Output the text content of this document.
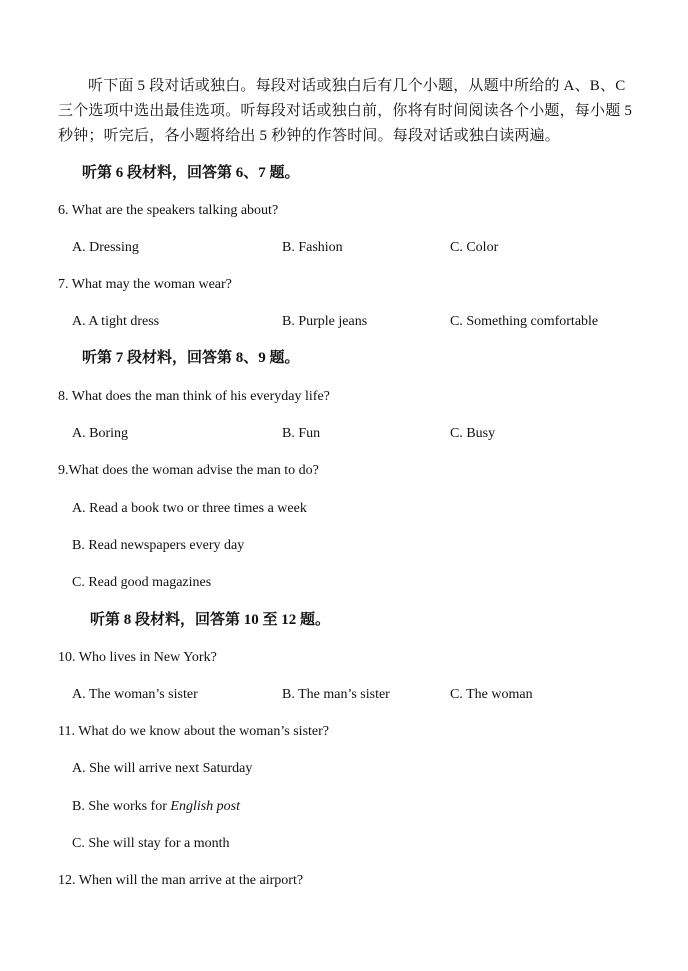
听下面 5 段对话或独白。每段对话或独白后有几个小题，从题中所给的 A、B、C三个选项中选出最佳选项。听每段对话或独白前，你将有时间阅读各个小题，每小题 5 秒钟；听完后，各小题将给出 5 秒钟的作答时间。每段对话或独白读两遍。
听第 6 段材料，回答第 6、7 题。
6. What are the speakers talking about?
A. Dressing	B. Fashion	C. Color
7. What may the woman wear?
A. A tight dress	B. Purple jeans	C. Something comfortable
听第 7 段材料，回答第 8、9 题。
8. What does the man think of his everyday life?
A. Boring	B. Fun	C. Busy
9.What does the woman advise the man to do?
A. Read a book two or three times a week
B. Read newspapers every day
C. Read good magazines
听第 8 段材料，回答第 10 至 12 题。
10. Who lives in New York?
A. The woman’s sister	B. The man’s sister	C. The woman
11. What do we know about the woman’s sister?
A. She will arrive next Saturday
B. She works for English post
C. She will stay for a month
12. When will the man arrive at the airport?
